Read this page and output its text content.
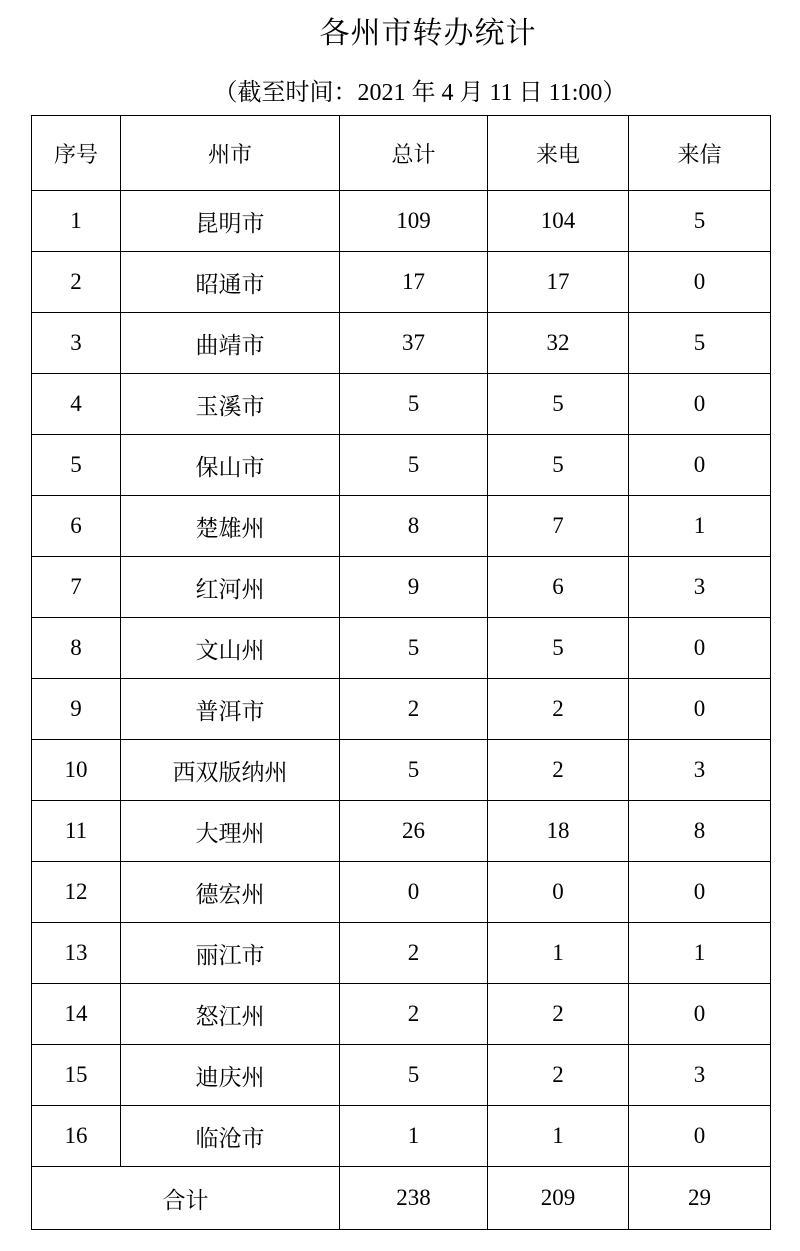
各州市转办统计
（截至时间：2021 年 4 月 11 日 11:00）
序号	州市	总计	来电	来信
1	昆明市	109	104	5
2	昭通市	17	17	0
3	曲靖市	37	32	5
4	玉溪市	5	5	0
5	保山市	5	5	0
6	楚雄州	8	7	1
7	红河州	9	6	3
8	文山州	5	5	0
9	普洱市	2	2	0
10	西双版纳州	5	2	3
11	大理州	26	18	8
12	德宏州	0	0	0
13	丽江市	2	1	1
14	怒江州	2	2	0
15	迪庆州	5	2	3
16	临沧市	1	1	0
合计		238	209	29
